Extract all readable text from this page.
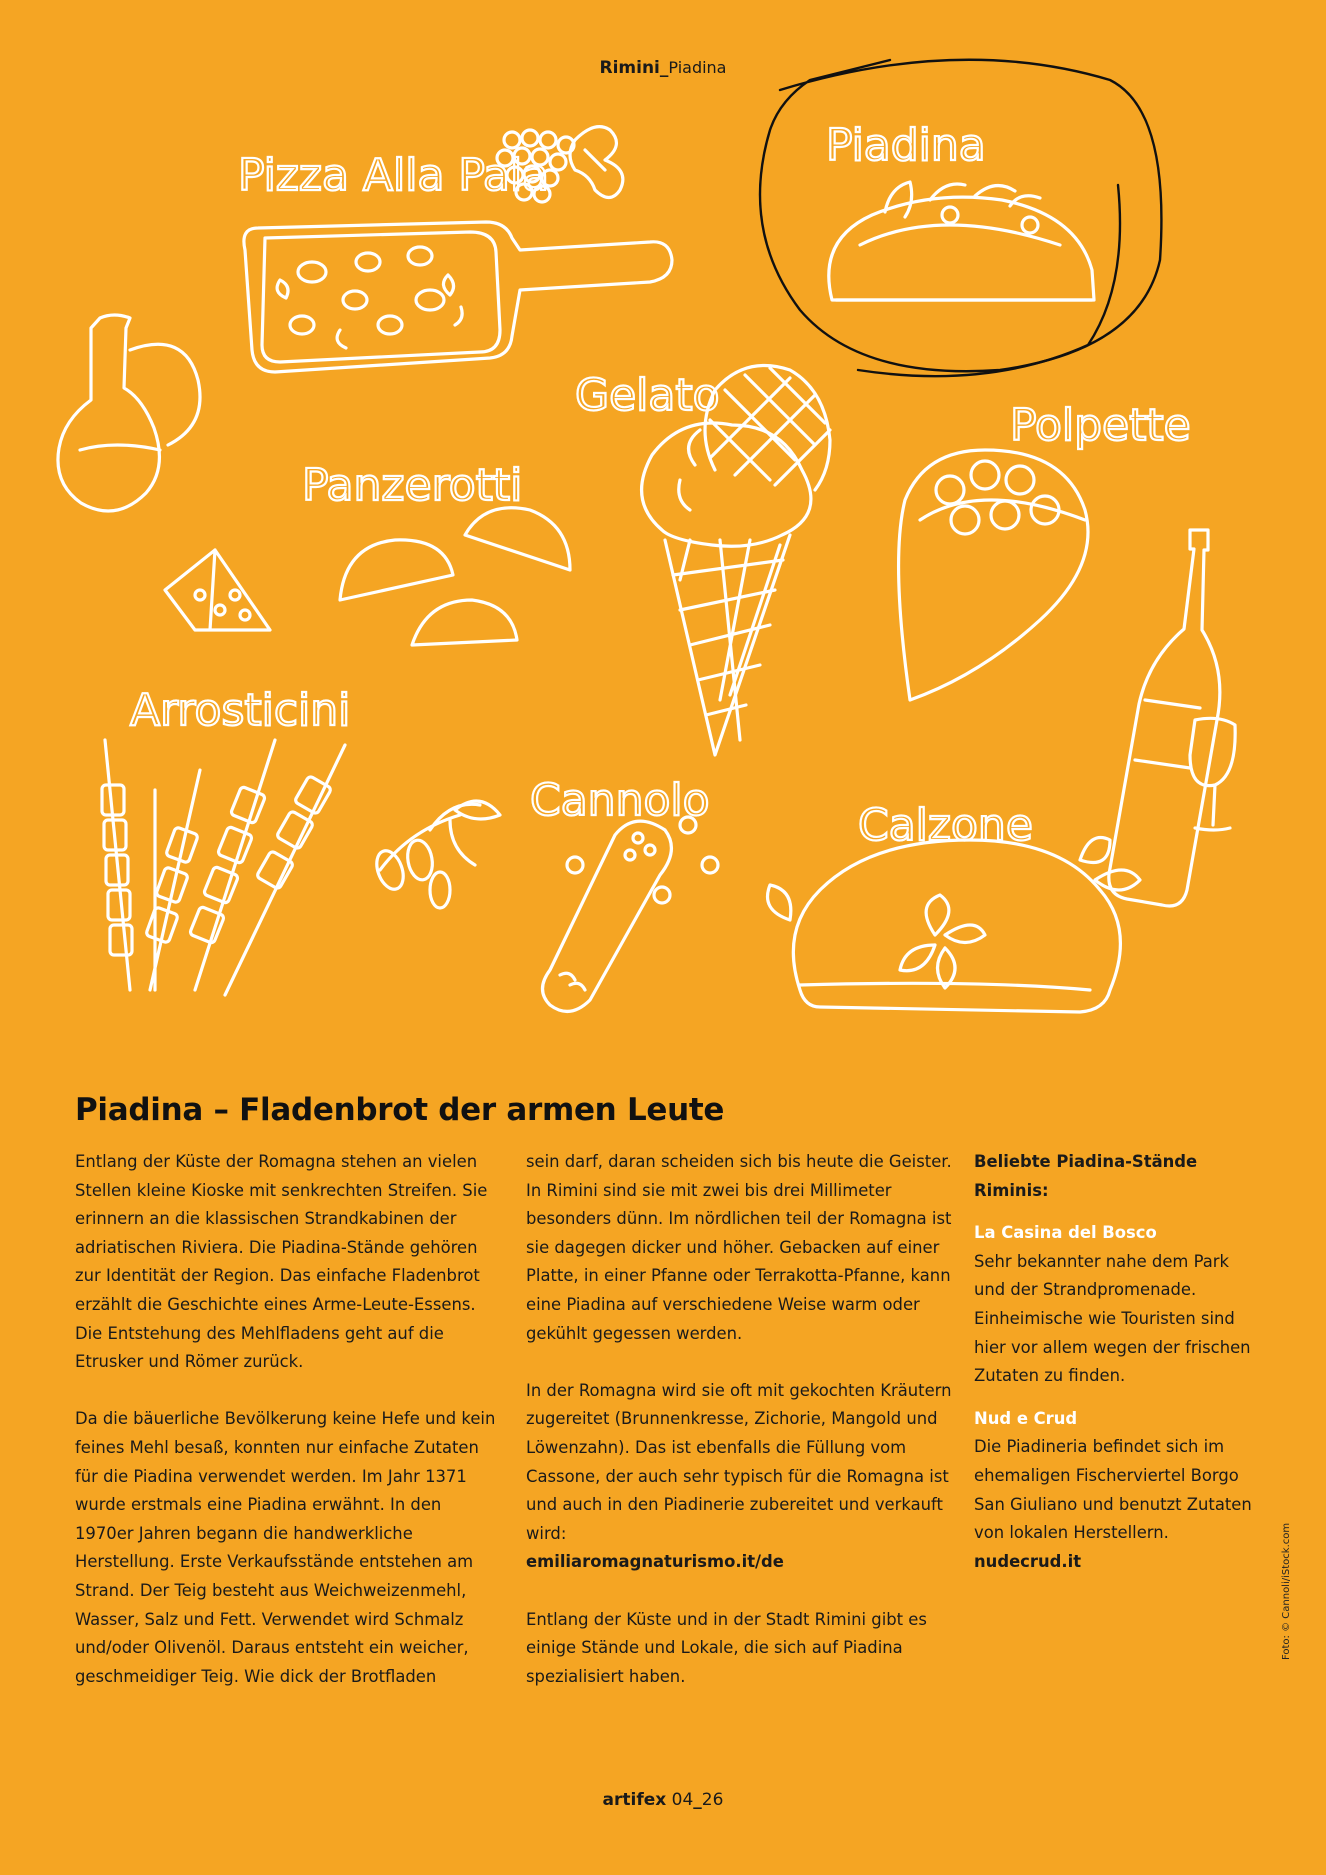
Rimini_Piadina
Pizza Alla Pala
Piadina
Gelato
Polpette
Panzerotti
Arrosticini
Cannolo	Calzone
Piadina – Fladenbrot der armen Leute

Entlang der Küste der Romagna stehen an vielen Stellen kleine Kioske mit senkrechten Streifen. Sie erinnern an die klassischen Strandkabinen der adriatischen Riviera. Die Piadina-Stände gehören zur Identität der Region. Das einfache Fladenbrot erzählt die Geschichte eines Arme-Leute-Essens. Die Entstehung des Mehlfladens geht auf die Etrusker und Römer zurück.

Da die bäuerliche Bevölkerung keine Hefe und kein feines Mehl besaß, konnten nur einfache Zutaten für die Piadina verwendet werden. Im Jahr 1371 wurde erstmals eine Piadina erwähnt. In den 1970er Jahren begann die handwerkliche Herstellung. Erste Verkaufsstände entstehen am Strand. Der Teig besteht aus Weichweizenmehl, Wasser, Salz und Fett. Verwendet wird Schmalz und/oder Olivenöl. Daraus entsteht ein weicher, geschmeidiger Teig. Wie dick der Brotfladen

sein darf, daran scheiden sich bis heute die Geister. In Rimini sind sie mit zwei bis drei Millimeter besonders dünn. Im nördlichen teil der Romagna ist sie dagegen dicker und höher. Gebacken auf einer Platte, in einer Pfanne oder Terrakotta-Pfanne, kann eine Piadina auf verschiedene Weise warm oder gekühlt gegessen werden.

In der Romagna wird sie oft mit gekochten Kräutern zugereitet (Brunnenkresse, Zichorie, Mangold und Löwenzahn). Das ist ebenfalls die Füllung vom Cassone, der auch sehr typisch für die Romagna ist und auch in den Piadinerie zubereitet und verkauft wird:
emiliaromagnaturismo.it/de

Entlang der Küste und in der Stadt Rimini gibt es einige Stände und Lokale, die sich auf Piadina spezialisiert haben.

Beliebte Piadina-Stände Riminis:

La Casina del Bosco

Sehr bekannter nahe dem Park und der Strandpromenade. Einheimische wie Touristen sind hier vor allem wegen der frischen Zutaten zu finden.

Nud e Crud

Die Piadineria befindet sich im ehemaligen Fischerviertel Borgo San Giuliano und benutzt Zutaten von lokalen Herstellern.

nudecrud.it	Foto: © Cannoli/iStock.com
artifex 04_26
